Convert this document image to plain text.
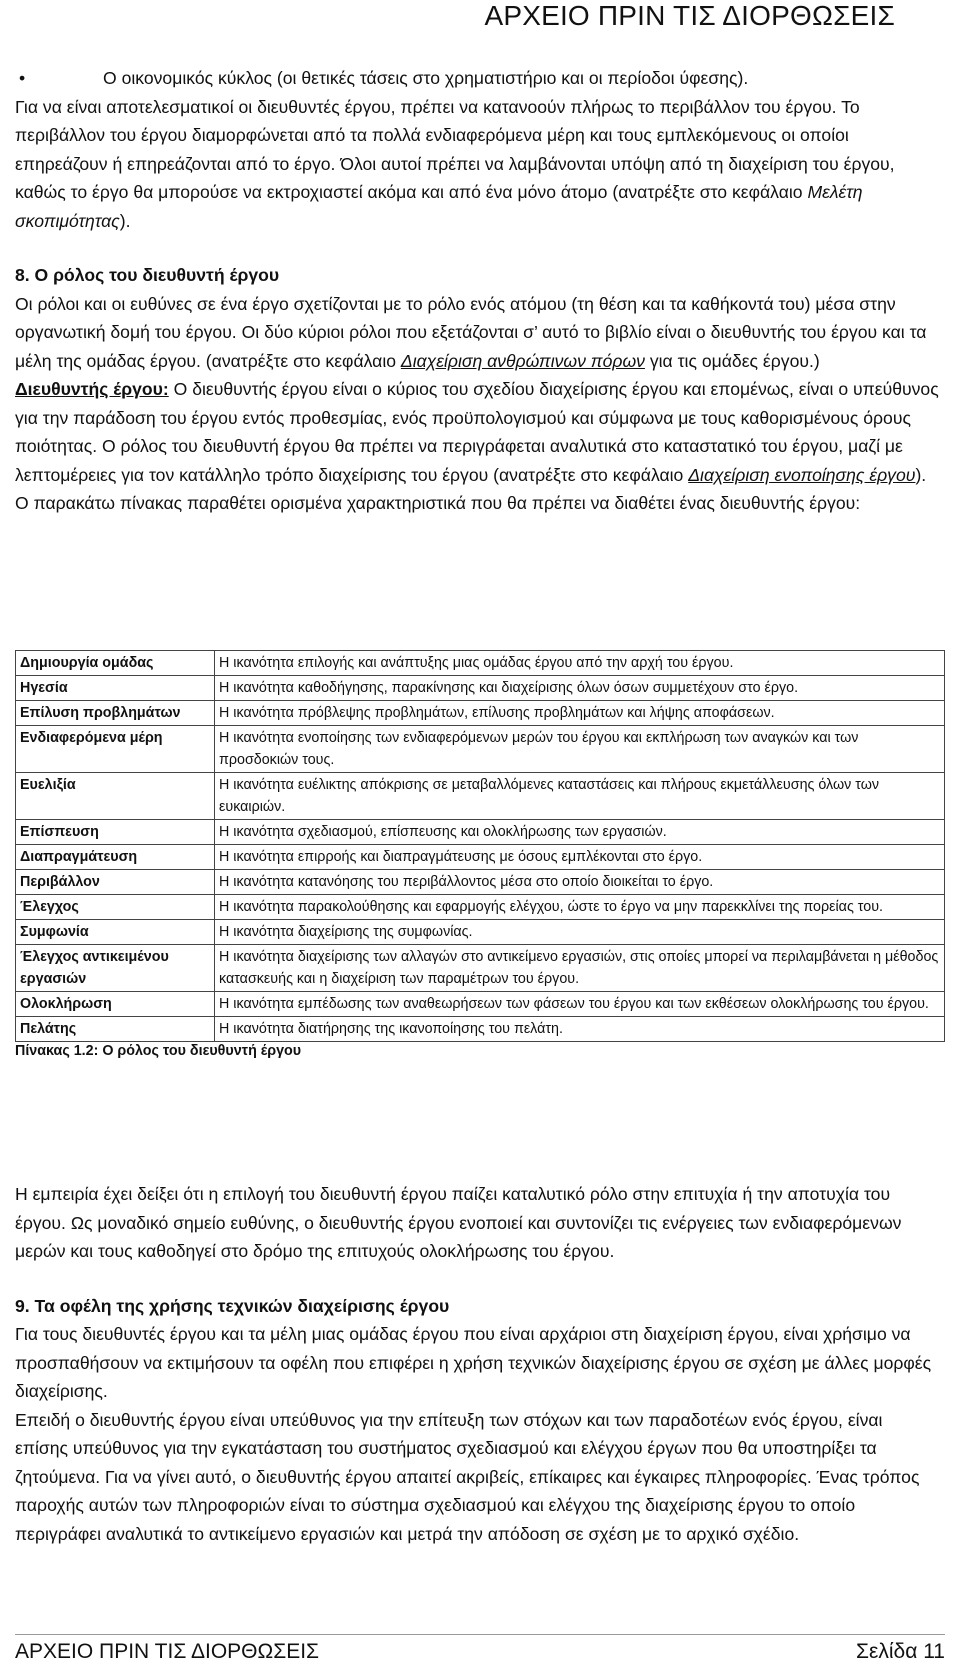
ΑΡΧΕΙΟ ΠΡΙΝ ΤΙΣ ΔΙΟΡΘΩΣΕΙΣ
•	Ο οικονομικός κύκλος (οι θετικές τάσεις στο χρηματιστήριο και οι περίοδοι ύφεσης).

Για να είναι αποτελεσματικοί οι διευθυντές έργου, πρέπει να κατανοούν πλήρως το περιβάλλον του έργου. Το περιβάλλον του έργου διαμορφώνεται από τα πολλά ενδιαφερόμενα μέρη και τους εμπλεκόμενους οι οποίοι επηρεάζουν ή επηρεάζονται από το έργο. Όλοι αυτοί πρέπει να λαμβάνονται υπόψη από τη διαχείριση του έργου, καθώς το έργο θα μπορούσε να εκτροχιαστεί ακόμα και από ένα μόνο άτομο (ανατρέξτε στο κεφάλαιο Μελέτη σκοπιμότητας).

8. Ο ρόλος του διευθυντή έργου

Οι ρόλοι και οι ευθύνες σε ένα έργο σχετίζονται με το ρόλο ενός ατόμου (τη θέση και τα καθήκοντά του) μέσα στην οργανωτική δομή του έργου. Οι δύο κύριοι ρόλοι που εξετάζονται σ’ αυτό το βιβλίο είναι ο διευθυντής του έργου και τα μέλη της ομάδας έργου. (ανατρέξτε στο κεφάλαιο Διαχείριση ανθρώπινων πόρων για τις ομάδες έργου.)

Διευθυντής έργου: Ο διευθυντής έργου είναι ο κύριος του σχεδίου διαχείρισης έργου και επομένως, είναι ο υπεύθυνος για την παράδοση του έργου εντός προθεσμίας, ενός προϋπολογισμού και σύμφωνα με τους καθορισμένους όρους ποιότητας. Ο ρόλος του διευθυντή έργου θα πρέπει να περιγράφεται αναλυτικά στο καταστατικό του έργου, μαζί με λεπτομέρειες για τον κατάλληλο τρόπο διαχείρισης του έργου (ανατρέξτε στο κεφάλαιο Διαχείριση ενοποίησης έργου). Ο παρακάτω πίνακας παραθέτει ορισμένα χαρακτηριστικά που θα πρέπει να διαθέτει ένας διευθυντής έργου:

Δημιουργία ομάδας	Η ικανότητα επιλογής και ανάπτυξης μιας ομάδας έργου από την αρχή του έργου.
Ηγεσία	Η ικανότητα καθοδήγησης, παρακίνησης και διαχείρισης όλων όσων συμμετέχουν στο έργο.
Επίλυση προβλημάτων	Η ικανότητα πρόβλεψης προβλημάτων, επίλυσης προβλημάτων και λήψης αποφάσεων.
Ενδιαφερόμενα μέρη	Η ικανότητα ενοποίησης των ενδιαφερόμενων μερών του έργου και εκπλήρωση των αναγκών και των προσδοκιών τους.
Ευελιξία	Η ικανότητα ευέλικτης απόκρισης σε μεταβαλλόμενες καταστάσεις και πλήρους εκμετάλλευσης όλων των ευκαιριών.
Επίσπευση	Η ικανότητα σχεδιασμού, επίσπευσης και ολοκλήρωσης των εργασιών.
Διαπραγμάτευση	Η ικανότητα επιρροής και διαπραγμάτευσης με όσους εμπλέκονται στο έργο.
Περιβάλλον	Η ικανότητα κατανόησης του περιβάλλοντος μέσα στο οποίο διοικείται το έργο.
Έλεγχος	Η ικανότητα παρακολούθησης και εφαρμογής ελέγχου, ώστε το έργο να μην παρεκκλίνει της πορείας του.
Συμφωνία	Η ικανότητα διαχείρισης της συμφωνίας.
Έλεγχος αντικειμένου εργασιών	Η ικανότητα διαχείρισης των αλλαγών στο αντικείμενο εργασιών, στις οποίες μπορεί να περιλαμβάνεται η μέθοδος κατασκευής και η διαχείριση των παραμέτρων του έργου.
Ολοκλήρωση	Η ικανότητα εμπέδωσης των αναθεωρήσεων των φάσεων του έργου και των εκθέσεων ολοκλήρωσης του έργου.
Πελάτης	Η ικανότητα διατήρησης της ικανοποίησης του πελάτη.
Πίνακας 1.2: Ο ρόλος του διευθυντή έργου

Η εμπειρία έχει δείξει ότι η επιλογή του διευθυντή έργου παίζει καταλυτικό ρόλο στην επιτυχία ή την αποτυχία του έργου. Ως μοναδικό σημείο ευθύνης, ο διευθυντής έργου ενοποιεί και συντονίζει τις ενέργειες των ενδιαφερόμενων μερών και τους καθοδηγεί στο δρόμο της επιτυχούς ολοκλήρωσης του έργου.

9. Τα οφέλη της χρήσης τεχνικών διαχείρισης έργου

Για τους διευθυντές έργου και τα μέλη μιας ομάδας έργου που είναι αρχάριοι στη διαχείριση έργου, είναι χρήσιμο να προσπαθήσουν να εκτιμήσουν τα οφέλη που επιφέρει η χρήση τεχνικών διαχείρισης έργου σε σχέση με άλλες μορφές διαχείρισης.

Επειδή ο διευθυντής έργου είναι υπεύθυνος για την επίτευξη των στόχων και των παραδοτέων ενός έργου, είναι επίσης υπεύθυνος για την εγκατάσταση του συστήματος σχεδιασμού και ελέγχου έργων που θα υποστηρίξει τα ζητούμενα. Για να γίνει αυτό, ο διευθυντής έργου απαιτεί ακριβείς, επίκαιρες και έγκαιρες πληροφορίες. Ένας τρόπος παροχής αυτών των πληροφοριών είναι το σύστημα σχεδιασμού και ελέγχου της διαχείρισης έργου το οποίο περιγράφει αναλυτικά το αντικείμενο εργασιών και μετρά την απόδοση σε σχέση με το αρχικό σχέδιο.

ΑΡΧΕΙΟ ΠΡΙΝ ΤΙΣ ΔΙΟΡΘΩΣΕΙΣ	Σελίδα 11
